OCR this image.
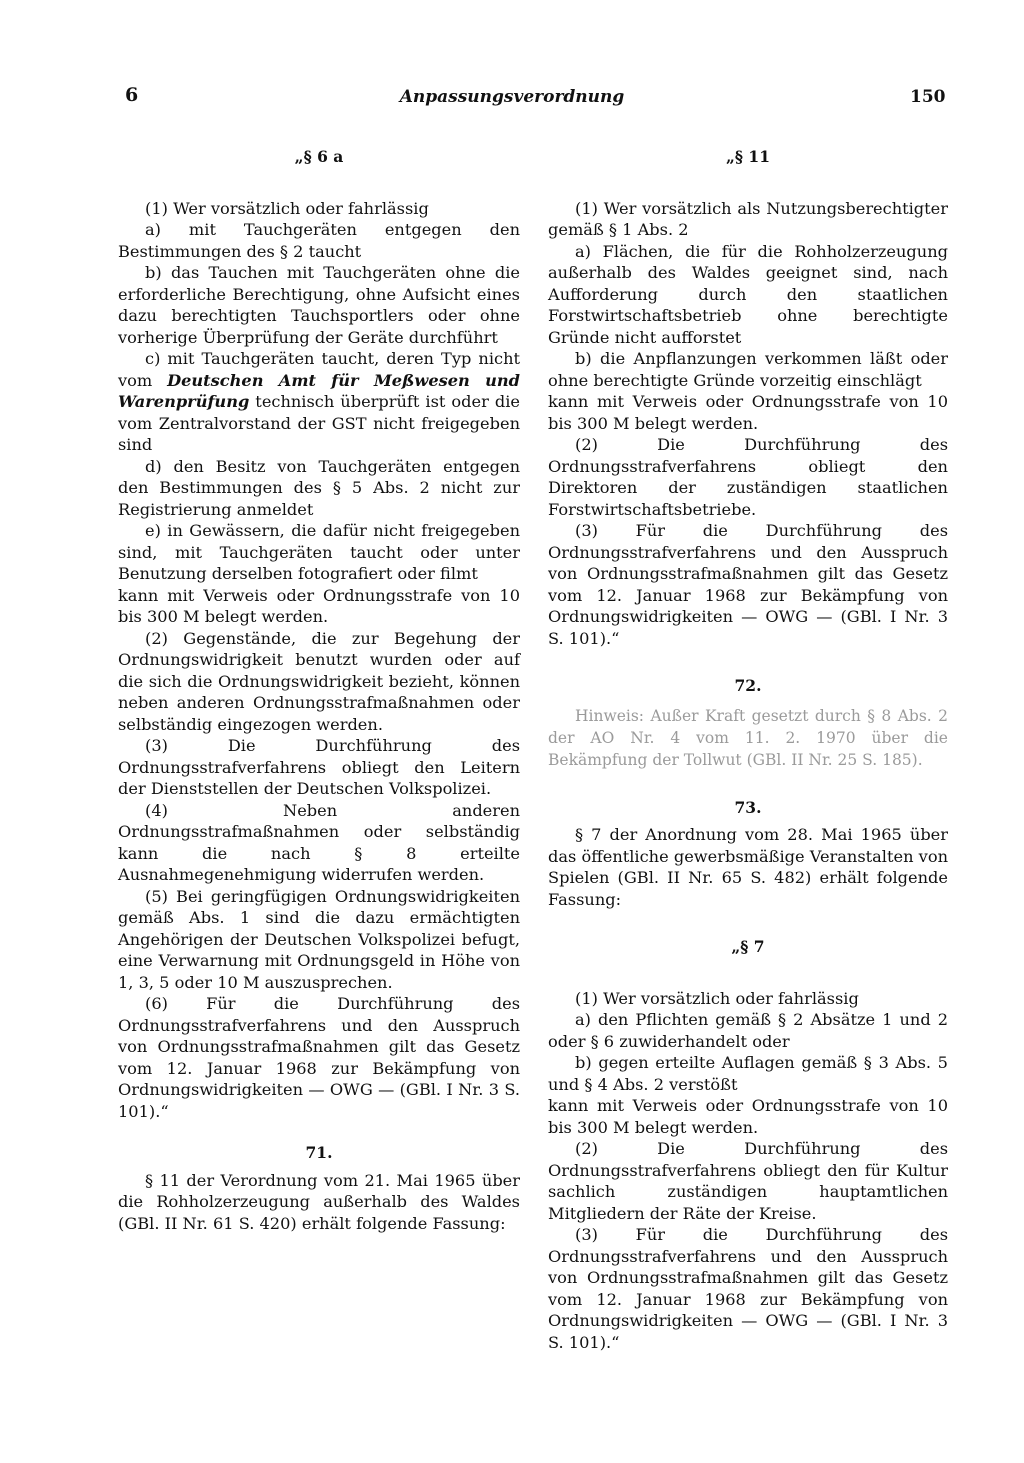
6	Anpassungsverordnung	150

„§ 6 a

(1) Wer vorsätzlich oder fahrlässig

a) mit Tauchgeräten entgegen den Bestimmungen des § 2 taucht

b) das Tauchen mit Tauchgeräten ohne die erforderliche Berechtigung, ohne Aufsicht eines dazu berechtigten Tauchsportlers oder ohne vorherige Überprüfung der Geräte durchführt

c) mit Tauchgeräten taucht, deren Typ nicht vom Deutschen Amt für Meßwesen und Warenprüfung technisch überprüft ist oder die vom Zentralvorstand der GST nicht freigegeben sind

d) den Besitz von Tauchgeräten entgegen den Bestimmungen des § 5 Abs. 2 nicht zur Registrierung anmeldet

e) in Gewässern, die dafür nicht freigegeben sind, mit Tauchgeräten taucht oder unter Benutzung derselben fotografiert oder filmt

kann mit Verweis oder Ordnungsstrafe von 10 bis 300 M belegt werden.

(2) Gegenstände, die zur Begehung der Ordnungswidrigkeit benutzt wurden oder auf die sich die Ordnungswidrigkeit bezieht, können neben anderen Ordnungsstrafmaßnahmen oder selbständig eingezogen werden.

(3) Die Durchführung des Ordnungsstrafverfahrens obliegt den Leitern der Dienststellen der Deutschen Volkspolizei.

(4) Neben anderen Ordnungsstrafmaßnahmen oder selbständig kann die nach § 8 erteilte Ausnahmegenehmigung widerrufen werden.

(5) Bei geringfügigen Ordnungswidrigkeiten gemäß Abs. 1 sind die dazu ermächtigten Angehörigen der Deutschen Volkspolizei befugt, eine Verwarnung mit Ordnungsgeld in Höhe von 1, 3, 5 oder 10 M auszusprechen.

(6) Für die Durchführung des Ordnungsstrafverfahrens und den Ausspruch von Ordnungsstrafmaßnahmen gilt das Gesetz vom 12. Januar 1968 zur Bekämpfung von Ordnungswidrigkeiten — OWG — (GBl. I Nr. 3 S. 101).“

71.

§ 11 der Verordnung vom 21. Mai 1965 über die Rohholzerzeugung außerhalb des Waldes (GBl. II Nr. 61 S. 420) erhält folgende Fassung:

„§ 11

(1) Wer vorsätzlich als Nutzungsberechtigter gemäß § 1 Abs. 2

a) Flächen, die für die Rohholzerzeugung außerhalb des Waldes geeignet sind, nach Aufforderung durch den staatlichen Forstwirtschaftsbetrieb ohne berechtigte Gründe nicht aufforstet

b) die Anpflanzungen verkommen läßt oder ohne berechtigte Gründe vorzeitig einschlägt

kann mit Verweis oder Ordnungsstrafe von 10 bis 300 M belegt werden.

(2) Die Durchführung des Ordnungsstrafverfahrens obliegt den Direktoren der zuständigen staatlichen Forstwirtschaftsbetriebe.

(3) Für die Durchführung des Ordnungsstrafverfahrens und den Ausspruch von Ordnungsstrafmaßnahmen gilt das Gesetz vom 12. Januar 1968 zur Bekämpfung von Ordnungswidrigkeiten — OWG — (GBl. I Nr. 3 S. 101).“

72.

Hinweis: Außer Kraft gesetzt durch § 8 Abs. 2 der AO Nr. 4 vom 11. 2. 1970 über die Bekämpfung der Tollwut (GBl. II Nr. 25 S. 185).

73.

§ 7 der Anordnung vom 28. Mai 1965 über das öffentliche gewerbsmäßige Veranstalten von Spielen (GBl. II Nr. 65 S. 482) erhält folgende Fassung:

„§ 7

(1) Wer vorsätzlich oder fahrlässig

a) den Pflichten gemäß § 2 Absätze 1 und 2 oder § 6 zuwiderhandelt oder

b) gegen erteilte Auflagen gemäß § 3 Abs. 5 und § 4 Abs. 2 verstößt

kann mit Verweis oder Ordnungsstrafe von 10 bis 300 M belegt werden.

(2) Die Durchführung des Ordnungsstrafverfahrens obliegt den für Kultur sachlich zuständigen hauptamtlichen Mitgliedern der Räte der Kreise.

(3) Für die Durchführung des Ordnungsstrafverfahrens und den Ausspruch von Ordnungsstrafmaßnahmen gilt das Gesetz vom 12. Januar 1968 zur Bekämpfung von Ordnungswidrigkeiten — OWG — (GBl. I Nr. 3 S. 101).“
